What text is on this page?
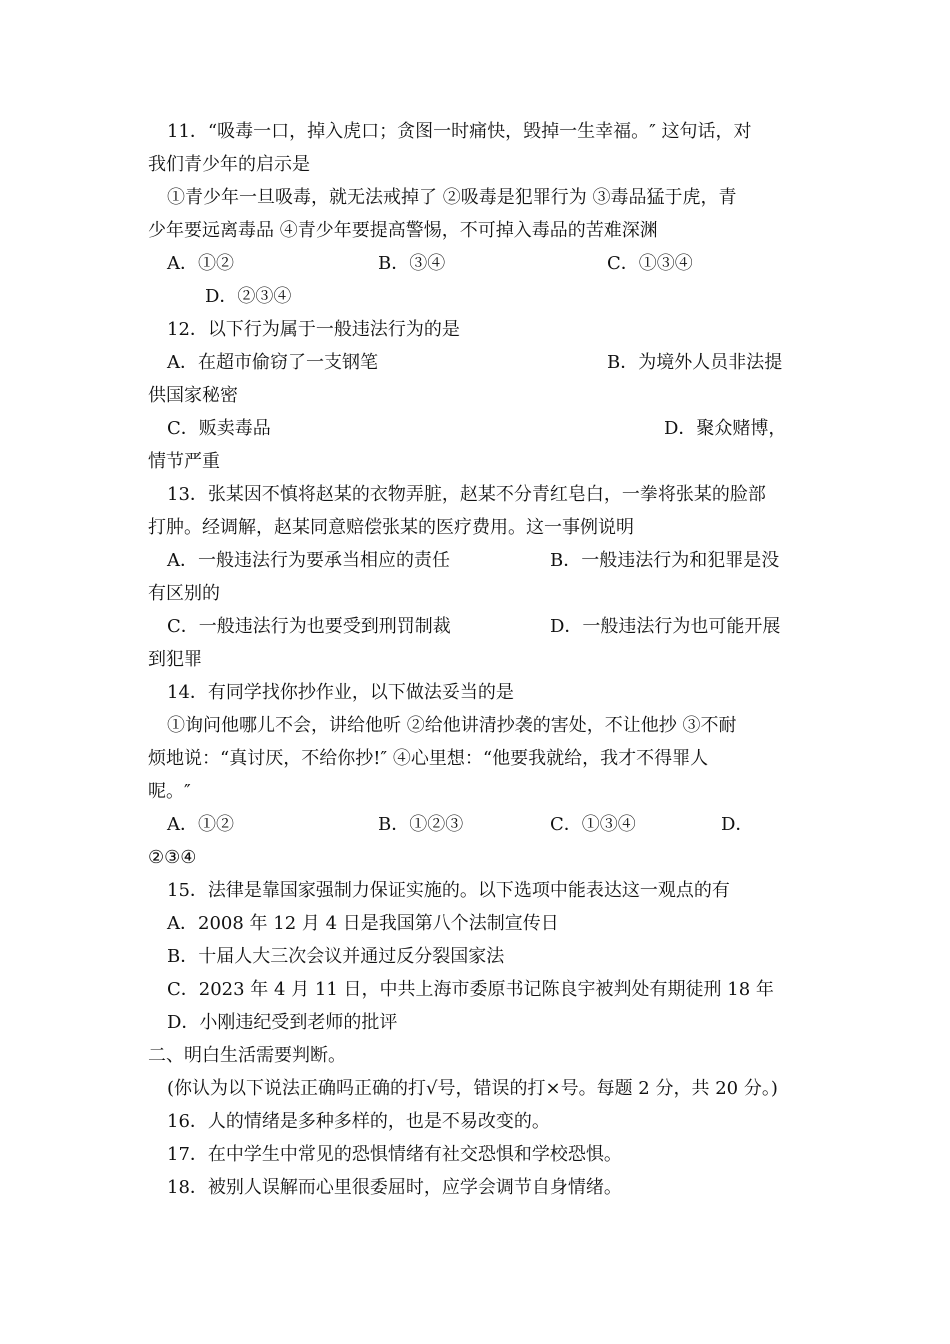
11．“吸毒一口，掉入虎口；贪图一时痛快，毁掉一生幸福。″ 这句话，对
我们青少年的启示是
①青少年一旦吸毒，就无法戒掉了 ②吸毒是犯罪行为 ③毒品猛于虎，青
少年要远离毒品 ④青少年要提高警惕，不可掉入毒品的苦难深渊
A．①②	B．③④	C．①③④
D．②③④
12．以下行为属于一般违法行为的是
A．在超市偷窃了一支钢笔	B．为境外人员非法提
供国家秘密
C．贩卖毒品	D．聚众赌博，
情节严重
13．张某因不慎将赵某的衣物弄脏，赵某不分青红皂白，一拳将张某的脸部
打肿。经调解，赵某同意赔偿张某的医疗费用。这一事例说明
A．一般违法行为要承当相应的责任	B．一般违法行为和犯罪是没
有区别的
C．一般违法行为也要受到刑罚制裁	D．一般违法行为也可能开展
到犯罪
14．有同学找你抄作业，以下做法妥当的是
①询问他哪儿不会，讲给他听 ②给他讲清抄袭的害处，不让他抄 ③不耐
烦地说：“真讨厌，不给你抄!″ ④心里想：“他要我就给，我才不得罪人
呢。″
A．①②	B．①②③	C．①③④	D．
②③④
15．法律是靠国家强制力保证实施的。以下选项中能表达这一观点的有
A．2008 年 12 月 4 日是我国第八个法制宣传日
B．十届人大三次会议并通过反分裂国家法
C．2023 年 4 月 11 日，中共上海市委原书记陈良宇被判处有期徒刑 18 年
D．小刚违纪受到老师的批评
二、明白生活需要判断。
(你认为以下说法正确吗正确的打√号，错误的打×号。每题 2 分，共 20 分。)
16．人的情绪是多种多样的，也是不易改变的。
17．在中学生中常见的恐惧情绪有社交恐惧和学校恐惧。
18．被别人误解而心里很委屈时，应学会调节自身情绪。
